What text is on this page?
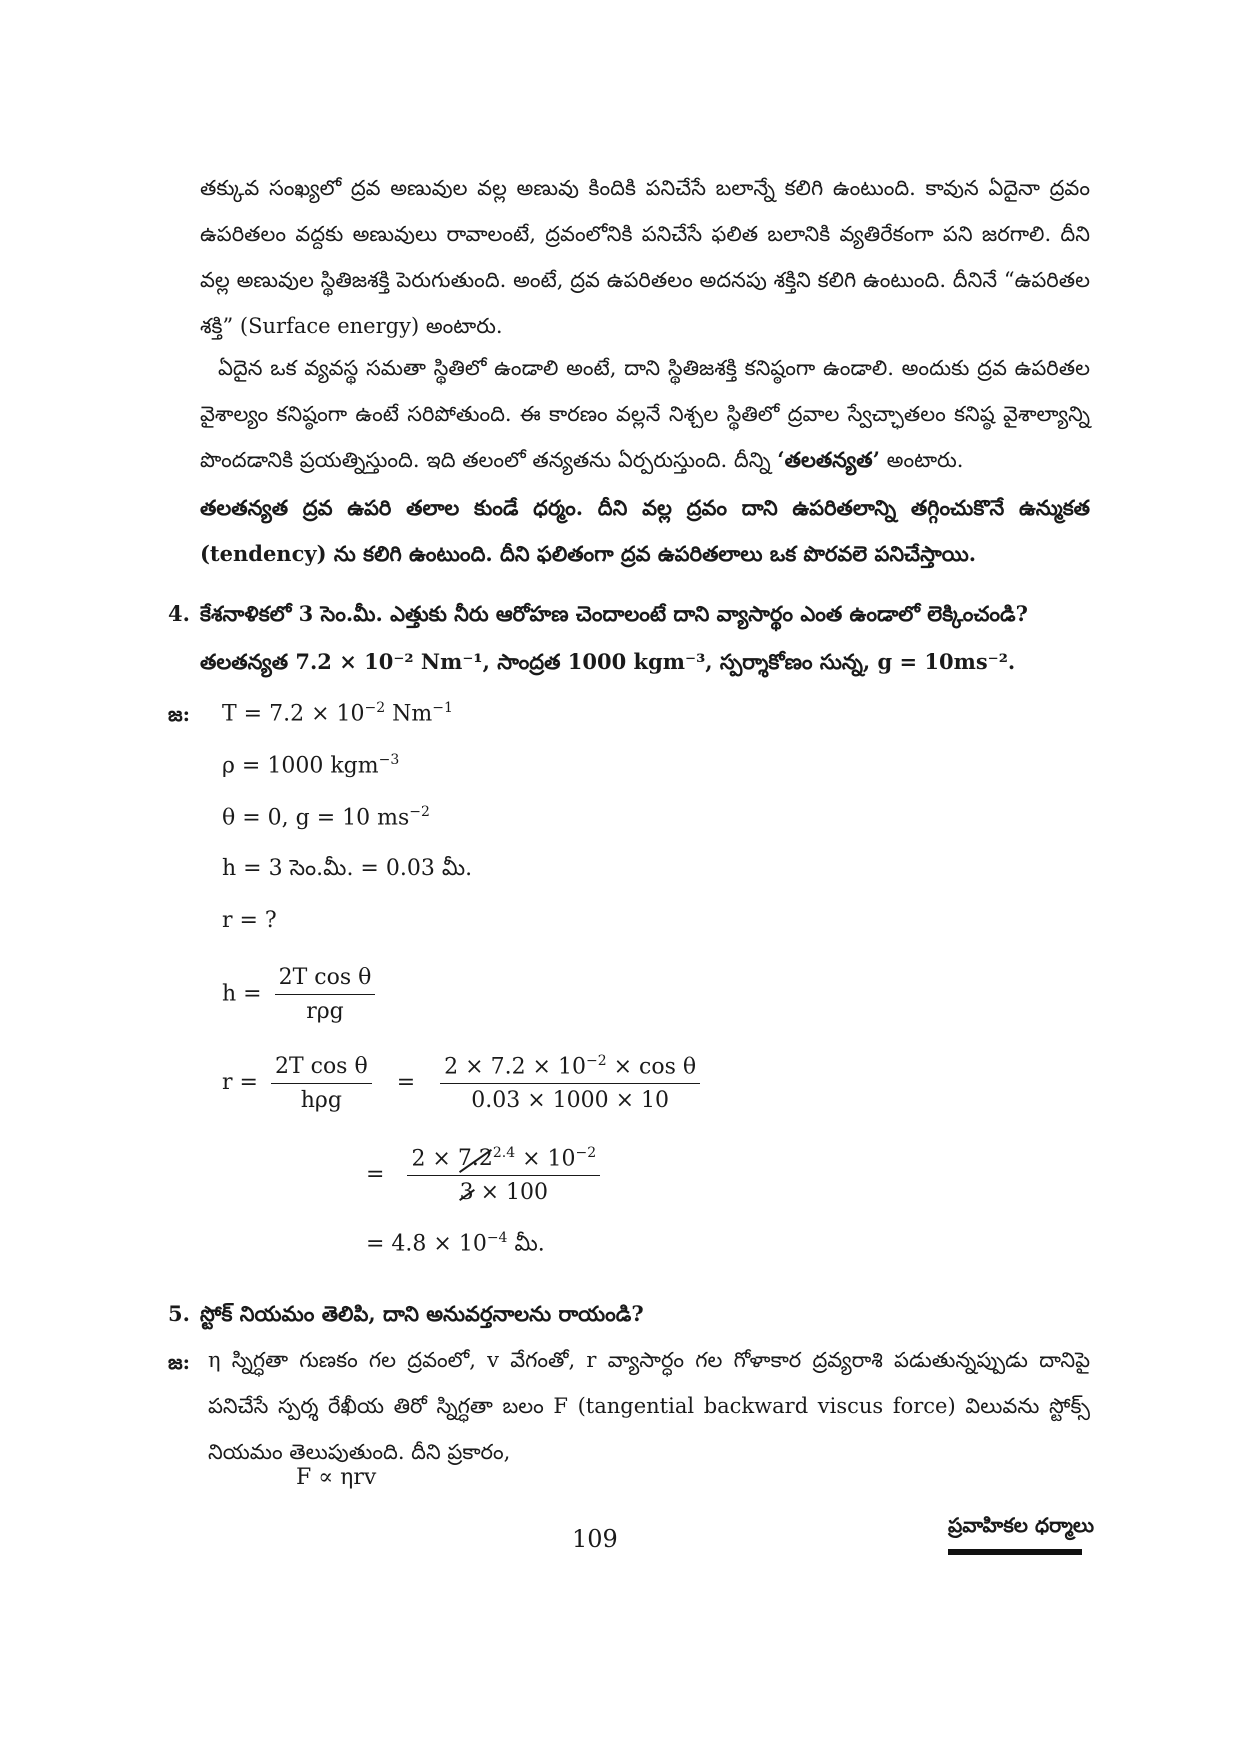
తక్కువ సంఖ్యలో ద్రవ అణువుల వల్ల అణువు కిందికి పనిచేసే బలాన్నే కలిగి ఉంటుంది. కావున ఏదైనా ద్రవం ఉపరితలం వద్దకు అణువులు రావాలంటే, ద్రవంలోనికి పనిచేసే ఫలిత బలానికి వ్యతిరేకంగా పని జరగాలి. దీని వల్ల అణువుల స్థితిజశక్తి పెరుగుతుంది. అంటే, ద్రవ ఉపరితలం అదనపు శక్తిని కలిగి ఉంటుంది. దీనినే “ఉపరితల శక్తి” (Surface energy) అంటారు.

ఏదైన ఒక వ్యవస్థ సమతా స్థితిలో ఉండాలి అంటే, దాని స్థితిజశక్తి కనిష్ఠంగా ఉండాలి. అందుకు ద్రవ ఉపరితల వైశాల్యం కనిష్ఠంగా ఉంటే సరిపోతుంది. ఈ కారణం వల్లనే నిశ్చల స్థితిలో ద్రవాల స్వేచ్ఛాతలం కనిష్ఠ వైశాల్యాన్ని పొందడానికి ప్రయత్నిస్తుంది. ఇది తలంలో తన్యతను ఏర్పరుస్తుంది. దీన్ని ‘తలతన్యత’ అంటారు.

తలతన్యత ద్రవ ఉపరి తలాల కుండే ధర్మం. దీని వల్ల ద్రవం దాని ఉపరితలాన్ని తగ్గించుకొనే ఉన్ముకత (tendency) ను కలిగి ఉంటుంది. దీని ఫలితంగా ద్రవ ఉపరితలాలు ఒక పొరవలె పనిచేస్తాయి.

4. కేశనాళికలో 3 సెం.మీ. ఎత్తుకు నీరు ఆరోహణ చెందాలంటే దాని వ్యాసార్థం ఎంత ఉండాలో లెక్కించండి?
తలతన్యత 7.2 × 10⁻² Nm⁻¹, సాంద్రత 1000 kgm⁻³, స్పర్శాకోణం సున్న, g = 10ms⁻².
జ: $T = 7.2 \times 10^{-2}$ $Nm^{-1}$
ρ = 1000 kgm$^{-3}$
θ = 0, g = 10 $ms^{-2}$
h = 3 సెం.మీ. = 0.03 మీ.
r = ?
$h = \frac{\text{2T cos θ}}{\text{rρg}}$
$r = \frac{\text{2T cos θ}}{\text{hρg}} = \frac{2 \times 7.2 \times 10^{-2} \times \cos \theta}{0.03 \times 1000 \times 10}$
= $\frac{2 \times 7.2^{2.4} \times 10^{-2}}{3 \times 100}$
= $4.8 \times 10^{-4}$ మీ.
5. స్టోక్ నియమం తెలిపి, దాని అనువర్తనాలను రాయండి?
జ: η స్నిగ్ధతా గుణకం గల ద్రవంలో, v వేగంతో, r వ్యాసార్ధం గల గోళాకార ద్రవ్యరాశి పడుతున్నప్పుడు దానిపై పనిచేసే స్పర్శ రేఖీయ తిరో స్నిగ్ధతా బలం F (tangential backward viscus force) విలువను స్టోక్స్ నియమం తెలుపుతుంది. దీని ప్రకారం,

F ∝ ηrv
109	ప్రవాహికల ధర్మాలు
